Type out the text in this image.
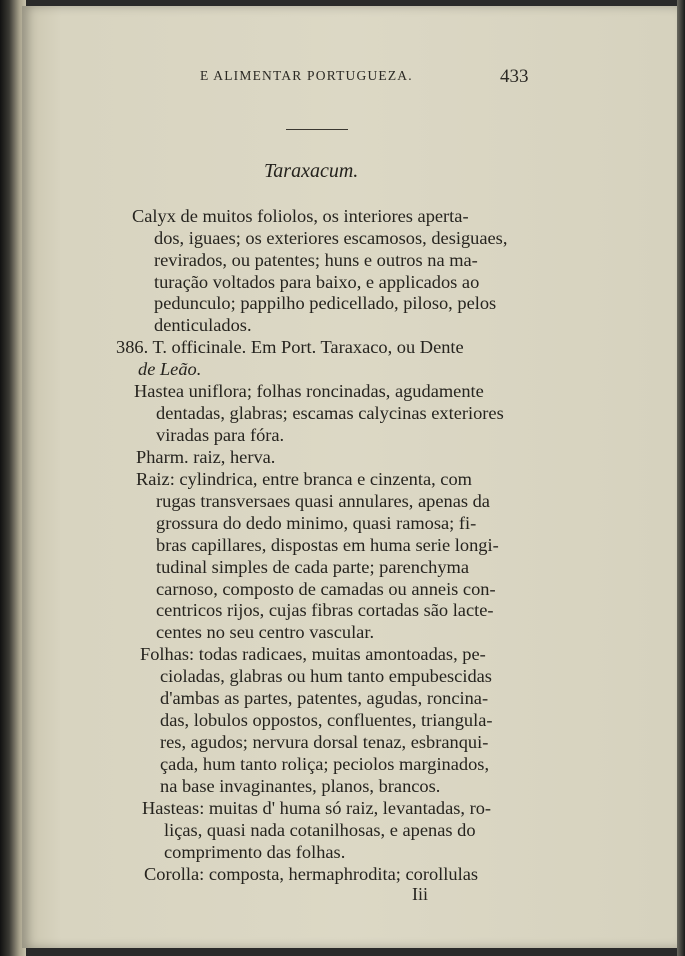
E ALIMENTAR PORTUGUEZA.	433
Taraxacum.
Calyx de muitos foliolos, os interiores aperta-
dos, iguaes; os exteriores escamosos, desiguaes,
revirados, ou patentes; huns e outros na ma-
turação voltados para baixo, e applicados ao
pedunculo; pappilho pedicellado, piloso, pelos
denticulados.
386. T. officinale. Em Port. Taraxaco, ou Dente
de Leão.
Hastea uniflora; folhas roncinadas, agudamente
dentadas, glabras; escamas calycinas exteriores
viradas para fóra.
Pharm. raiz, herva.
Raiz: cylindrica, entre branca e cinzenta, com
rugas transversaes quasi annulares, apenas da
grossura do dedo minimo, quasi ramosa; fi-
bras capillares, dispostas em huma serie longi-
tudinal simples de cada parte; parenchyma
carnoso, composto de camadas ou anneis con-
centricos rijos, cujas fibras cortadas são lacte-
centes no seu centro vascular.
Folhas: todas radicaes, muitas amontoadas, pe-
cioladas, glabras ou hum tanto empubescidas
d'ambas as partes, patentes, agudas, roncina-
das, lobulos oppostos, confluentes, triangula-
res, agudos; nervura dorsal tenaz, esbranqui-
çada, hum tanto roliça; peciolos marginados,
na base invaginantes, planos, brancos.
Hasteas: muitas d' huma só raiz, levantadas, ro-
liças, quasi nada cotanilhosas, e apenas do
comprimento das folhas.
Corolla: composta, hermaphrodita; corollulas
Iii
